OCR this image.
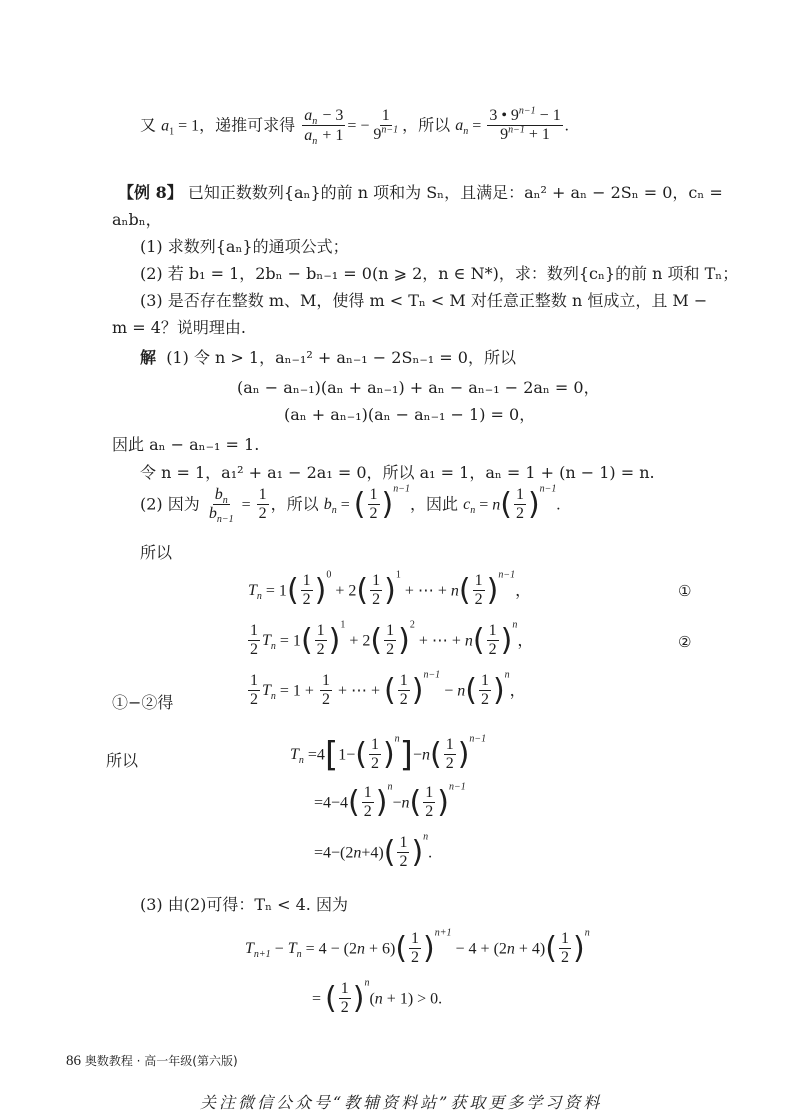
又 $a_1 = 1$，递推可求得 $\frac{a_n - 3}{a_n + 1}$ = − $\frac{1}{9^{n-1}}$ ，所以 $a_n = \frac{3 • 9^{n-1} - 1}{9^{n-1} + 1}$ .
【例 8】 已知正数数列{aₙ}的前 n 项和为 Sₙ，且满足：aₙ² + aₙ − 2Sₙ = 0，cₙ =
aₙbₙ，
(1) 求数列{aₙ}的通项公式；
(2) 若 b₁ = 1，2bₙ − bₙ₋₁ = 0(n ⩾ 2，n ∈ N*)，求：数列{cₙ}的前 n 项和 Tₙ；
(3) 是否存在整数 m、M，使得 m < Tₙ < M 对任意正整数 n 恒成立，且 M −
m = 4？说明理由.
解 (1) 令 n > 1，aₙ₋₁² + aₙ₋₁ − 2Sₙ₋₁ = 0，所以
(aₙ − aₙ₋₁)(aₙ + aₙ₋₁) + aₙ − aₙ₋₁ − 2aₙ = 0，
(aₙ + aₙ₋₁)(aₙ − aₙ₋₁ − 1) = 0，
因此 aₙ − aₙ₋₁ = 1.
令 n = 1，a₁² + a₁ − 2a₁ = 0，所以 a₁ = 1，aₙ = 1 + (n − 1) = n.
(2) 因为 $\frac{b_n}{b_{n-1}} = \frac{1}{2}$ ，所以 $b_n$ = ( $\frac{1}{2} )^{n-1}$，因此 $c_n = n( \frac{1}{2} )^{n-1}$.
所以
$T_n = 1( \frac{1}{2} )^0 + 2( \frac{1}{2} )^1$ + ⋯ + $n( \frac{1}{2} )^{n-1}$，	①
$\frac{1}{2} T_n = 1( \frac{1}{2} )^1 + 2( \frac{1}{2} )^2$ + ⋯ + $n( \frac{1}{2} )^n$，	②
①−②得	$\frac{1}{2} T_n = 1 + \frac{1}{2}$ + ⋯ + ( $\frac{1}{2} )^{n-1} - n( \frac{1}{2} )^n$，
所以	$T_n =4[1-( \frac{1}{2} )^n]-n( \frac{1}{2} )^{n-1}$
$=4-4( \frac{1}{2} )^n-n( \frac{1}{2} )^{n-1}$
$=4-(2n+4)( \frac{1}{2} )^n$.
(3) 由(2)可得：Tₙ < 4. 因为
$T_{n+1} - T_n = 4 - (2n + 6)( \frac{1}{2} )^{n+1} - 4 + (2n + 4)( \frac{1}{2} )^n$
= ( $\frac{1}{2} )^n(n + 1) > 0$.
86 奥数教程 · 高一年级(第六版)
关注微信公众号“教辅资料站”获取更多学习资料
